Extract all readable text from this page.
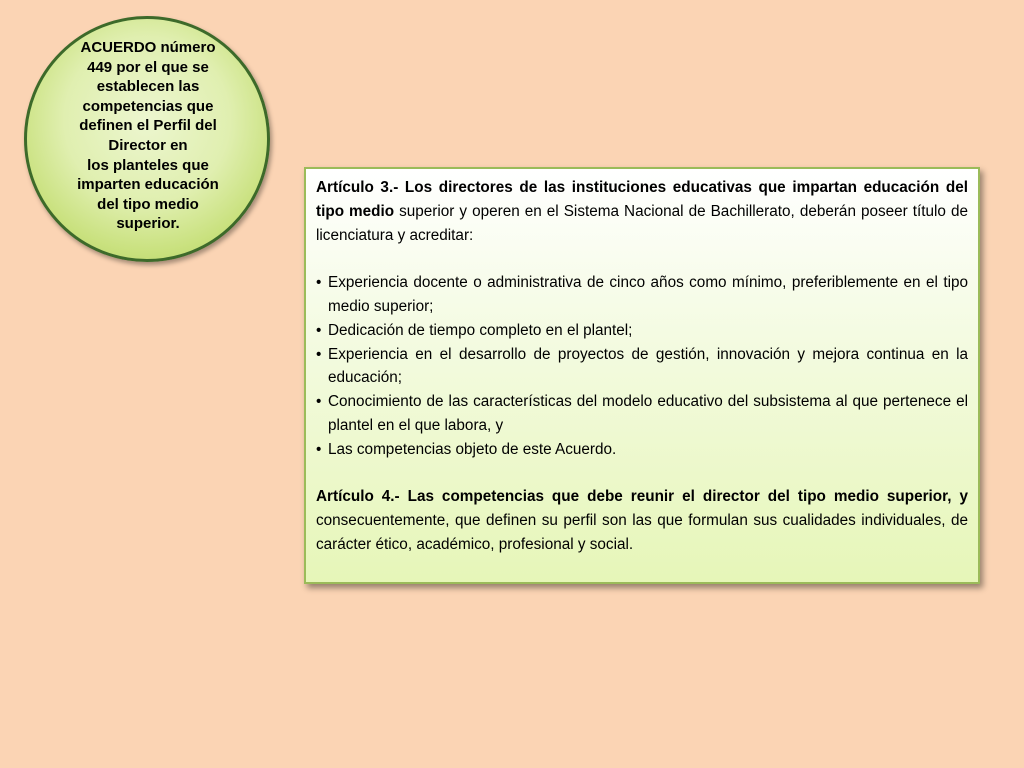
ACUERDO número
449 por el que se
establecen las
competencias que
definen el Perfil del
Director en
los planteles que
imparten educación
del tipo medio
superior.

Artículo 3.- Los directores de las instituciones educativas que impartan educación del tipo medio superior y operen en el Sistema Nacional de Bachillerato, deberán poseer título de licenciatura y acreditar:

• Experiencia docente o administrativa de cinco años como mínimo, preferiblemente en el tipo medio superior;
• Dedicación de tiempo completo en el plantel;
• Experiencia en el desarrollo de proyectos de gestión, innovación y mejora continua en la educación;
• Conocimiento de las características del modelo educativo del subsistema al que pertenece el plantel en el que labora, y
• Las competencias objeto de este Acuerdo.

Artículo 4.- Las competencias que debe reunir el director del tipo medio superior, y consecuentemente, que definen su perfil son las que formulan sus cualidades individuales, de carácter ético, académico, profesional y social.
